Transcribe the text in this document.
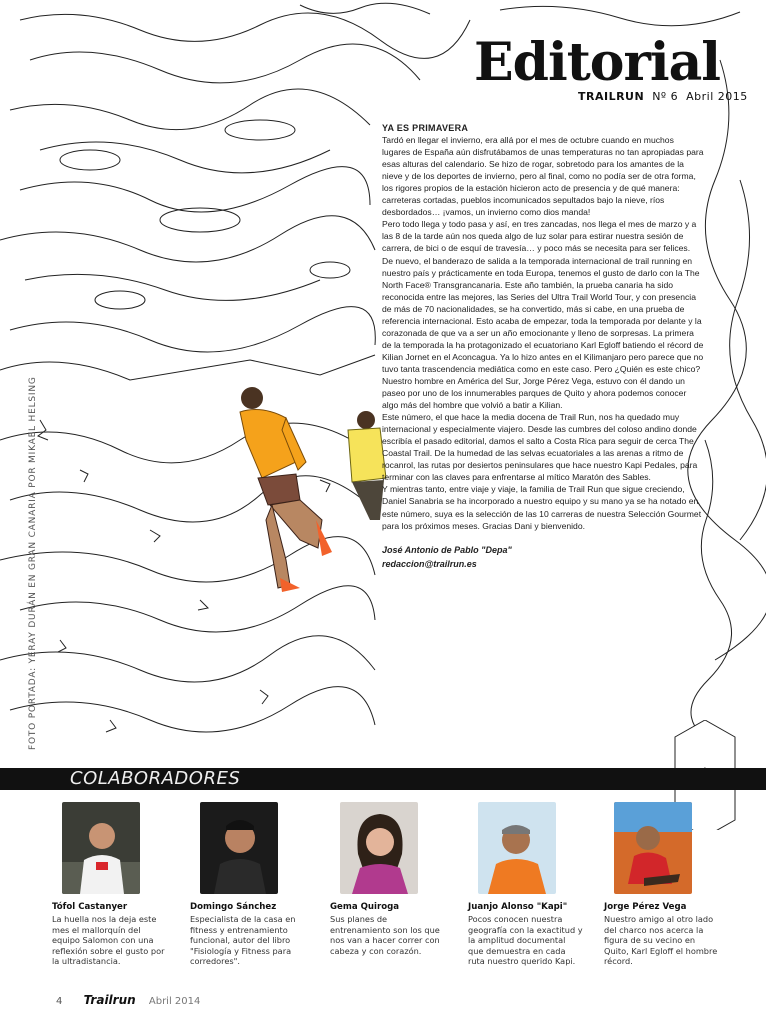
Editorial
TRAILRUN Nº 6 Abril 2015
YA ES PRIMAVERA

Tardó en llegar el invierno, era allá por el mes de octubre cuando en muchos lugares de España aún disfrutábamos de unas temperaturas no tan apropiadas para esas alturas del calendario. Se hizo de rogar, sobretodo para los amantes de la nieve y de los deportes de invierno, pero al final, como no podía ser de otra forma, los rigores propios de la estación hicieron acto de presencia y de qué manera: carreteras cortadas, pueblos incomunicados sepultados bajo la nieve, ríos desbordados… ¡vamos, un invierno como dios manda!

Pero todo llega y todo pasa y así, en tres zancadas, nos llega el mes de marzo y a las 8 de la tarde aún nos queda algo de luz solar para estirar nuestra sesión de carrera, de bici o de esquí de travesía… y poco más se necesita para ser felices.

De nuevo, el banderazo de salida a la temporada internacional de trail running en nuestro país y prácticamente en toda Europa, tenemos el gusto de darlo con la The North Face® Transgrancanaria. Este año también, la prueba canaria ha sido reconocida entre las mejores, las Series del Ultra Trail World Tour, y con presencia de más de 70 nacionalidades, se ha convertido, más si cabe, en una prueba de referencia internacional. Esto acaba de empezar, toda la temporada por delante y la corazonada de que va a ser un año emocionante y lleno de sorpresas. La primera de la temporada la ha protagonizado el ecuatoriano Karl Egloff batiendo el récord de Kilian Jornet en el Aconcagua. Ya lo hizo antes en el Kilimanjaro pero parece que no tuvo tanta trascendencia mediática como en este caso. Pero ¿Quién es este chico? Nuestro hombre en América del Sur, Jorge Pérez Vega, estuvo con él dando un paseo por uno de los innumerables parques de Quito y ahora podemos conocer algo más del hombre que volvió a batir a Kilian.

Este número, el que hace la media docena de Trail Run, nos ha quedado muy internacional y especialmente viajero. Desde las cumbres del coloso andino donde escribía el pasado editorial, damos el salto a Costa Rica para seguir de cerca The Coastal Trail. De la humedad de las selvas ecuatoriales a las arenas a ritmo de rocanrol, las rutas por desiertos peninsulares que hace nuestro Kapi Pedales, para terminar con las claves para enfrentarse al mítico Maratón des Sables.

Y mientras tanto, entre viaje y viaje, la familia de Trail Run que sigue creciendo, Daniel Sanabria se ha incorporado a nuestro equipo y su mano ya se ha notado en este número, suya es la selección de las 10 carreras de nuestra Selección Gourmet para los próximos meses. Gracias Dani y bienvenido.

José Antonio de Pablo "Depa"
redaccion@trailrun.es
FOTO PORTADA: YERAY DURÁN EN GRAN CANARIA POR MIKAEL HELSING
COLABORADORES
Tófol Castanyer
La huella nos la deja este mes el mallorquín del equipo Salomon con una reflexión sobre el gusto por la ultradistancia.
Domingo Sánchez
Especialista de la casa en fitness y entrenamiento funcional, autor del libro "Fisiología y Fitness para corredores".
Gema Quiroga
Sus planes de entrenamiento son los que nos van a hacer correr con cabeza y con corazón.
Juanjo Alonso "Kapi"
Pocos conocen nuestra geografía con la exactitud y la amplitud documental que demuestra en cada ruta nuestro querido Kapi.
Jorge Pérez Vega
Nuestro amigo al otro lado del charco nos acerca la figura de su vecino en Quito, Karl Egloff el hombre récord.
4 Trailrun Abril 2014
